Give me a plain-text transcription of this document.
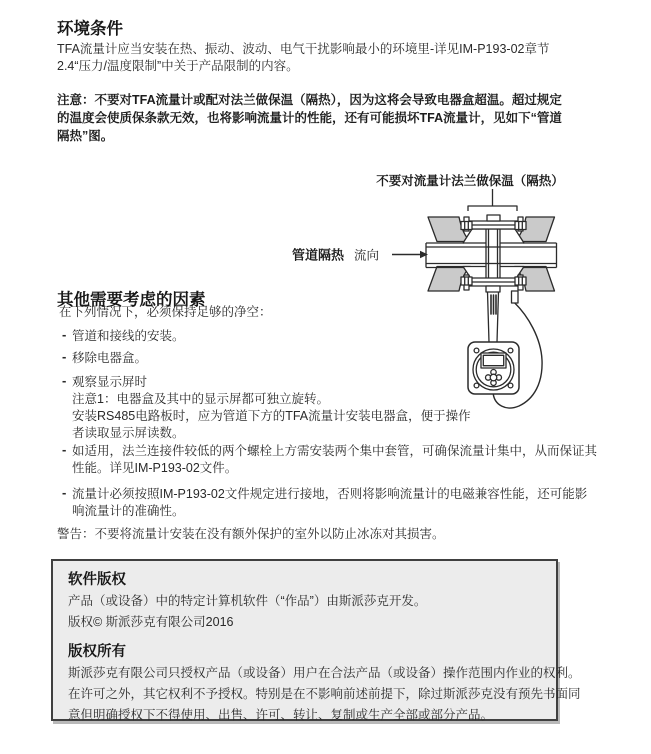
环境条件
TFA流量计应当安装在热、振动、波动、电气干扰影响最小的环境里 -详见IM-P193-02章节
2.4“压力/温度限制”中关于产品限制的内容。
注意：不要对TFA流量计或配对法兰做保温（隔热），因为这将会导致电器盒超温。超过规定
的温度会使质保条款无效，也将影响流量计的性能，还有可能损坏TFA流量计，见如下“管道
隔热”图。
不要对流量计法兰做保温（隔热）
管道隔热 流向
其他需要考虑的因素
在下列情况下，必须保持足够的净空：
- 管道和接线的安装。
- 移除电器盒。
- 观察显示屏时
注意1：电器盒及其中的显示屏都可独立旋转。
安装RS485电路板时，应为管道下方的TFA流量计安装电器盒，便于操作
者读取显示屏读数。
- 如适用，法兰连接件较低的两个螺栓上方需安装两个集中套管，可确保流量计集中，从而保证其
性能。详见IM-P193-02文件。
- 流量计必须按照IM-P193-02文件规定进行接地，否则将影响流量计的电磁兼容性能，还可能影
响流量计的准确性。
警告：不要将流量计安装在没有额外保护的室外以防止冰冻对其损害。
软件版权

产品（或设备）中的特定计算机软件（“作品”）由斯派莎克开发。

版权© 斯派莎克有限公司2016

版权所有

斯派莎克有限公司只授权产品（或设备）用户在合法产品（或设备）操作范围内作业的权利。

在许可之外，其它权利不予授权。特别是在不影响前述前提下，除过斯派莎克没有预先书面同

意但明确授权下不得使用、出售、许可、转让、复制或生产全部或部分产品。
